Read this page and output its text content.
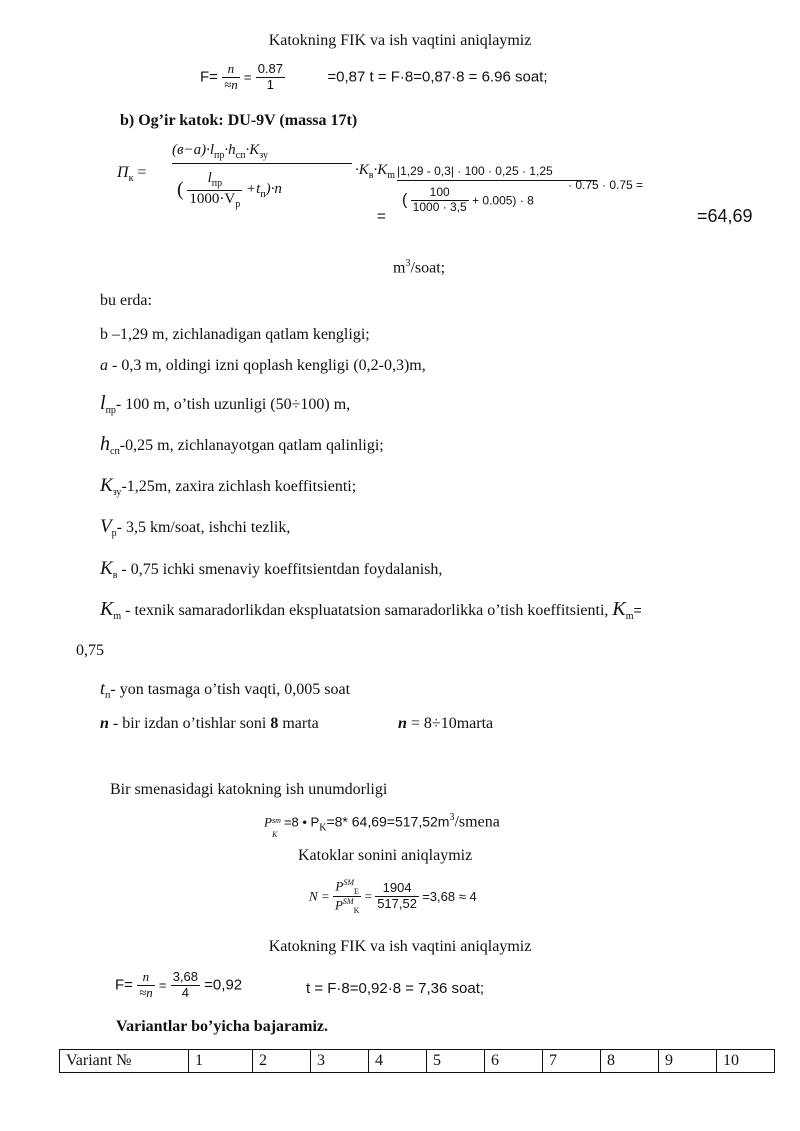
Katokning FIK va ish vaqtini aniqlaymiz
$F= \frac{n}{\approx n} = \frac{0.87}{1}$	=0,87 t = F·8=0,87·8 = 6.96 soat;
b) Og’ir katok: DU-9V (massa 17t)
$П_к$ =
$(в-а)\cdot l_{пр}\cdot h_{сп}\cdot K_{зу}$
( $\frac{l_{пр}}{1000\cdot V_р} +t_п)\cdot n$
$\cdot K_в\cdot K_m$ |1,29 - 0,3| · 100 · 0,25 · 1,25
( $\frac{100}{1000 \cdot 3,5} + 0.005) \cdot 8$
· 0.75 · 0.75 =
=	=64,69
$m^3$/soat;
bu erda:
b –1,29 m, zichlanadigan qatlam kengligi;
a - 0,3 m, oldingi izni qoplash kengligi (0,2-0,3)m,
$l_{пр}-$ 100 m, o’tish uzunligi (50÷100) m,
$h_{сп}-0,25$ m, zichlanayotgan qatlam qalinligi;
$K_{зу}-1,25m$, zaxira zichlash koeffitsienti;
$V_р-$ 3,5 km/soat, ishchi tezlik,
$K_в - 0,75$ ichki smenaviy koeffitsientdan foydalanish,
$K_m$ - texnik samaradorlikdan ekspluatatsion samaradorlikka o’tish koeffitsienti, $K_m=$
0,75
$t_п-$ yon tasmaga o’tish vaqti, 0,005 soat
n - bir izdan o’tishlar soni 8 marta	n = 8÷10marta
Bir smenasidagi katokning ish unumdorligi
P sm
K
=8 • $P_K=8*$ $64,69=517,52m^3$/smena
Katoklar sonini aniqlaymiz
$N = \frac{P^{SM}_E}{P^{SM}_K} = \frac{1904}{517,52} =3,68 \approx 4$
Katokning FIK va ish vaqtini aniqlaymiz
$F= \frac{n}{\approx n} = \frac{3,68}{4} =0,92$	t = F·8=0,92·8 = 7,36 soat;
Variantlar bo’yicha bajaramiz.
Variant №	1	2	3	4	5	6	7	8	9	10
